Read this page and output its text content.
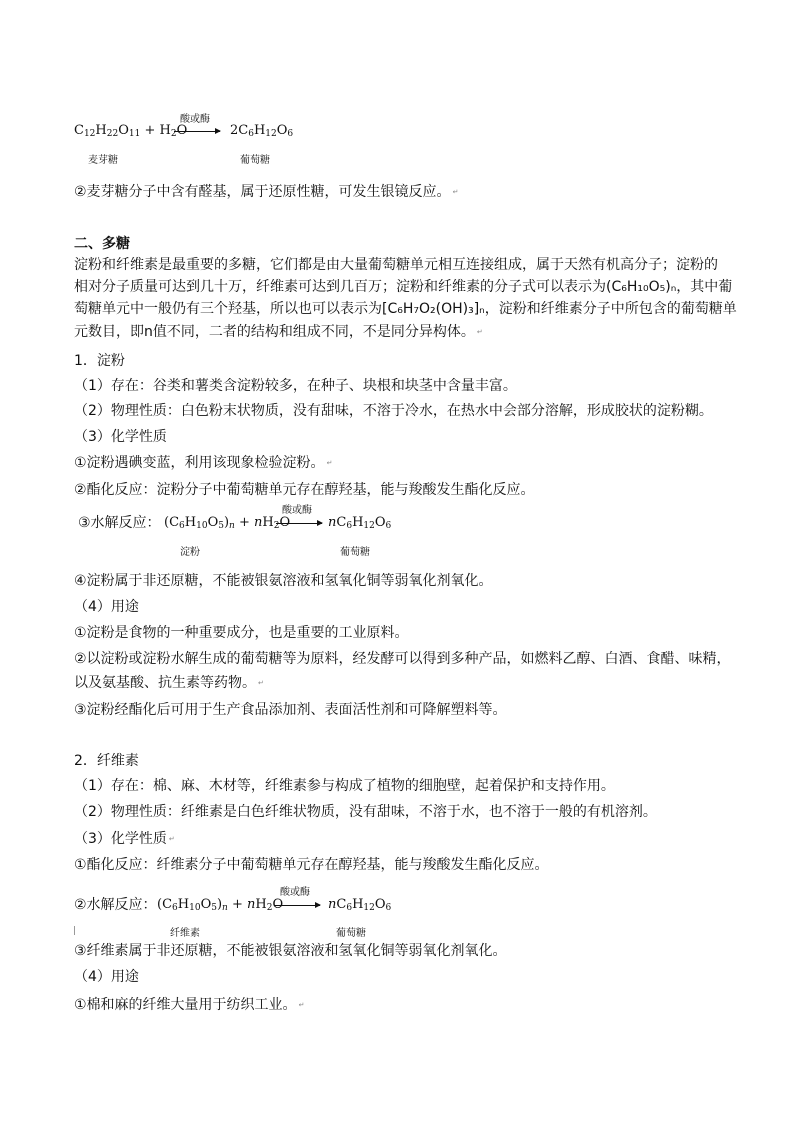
酸或酶
$C_{12}H_{22}O_{11} + H_2O$	$2C_6H_{12}O_6$
麦芽糖	葡萄糖
②麦芽糖分子中含有醛基，属于还原性糖，可发生银镜反应。 ↵
二、多糖
淀粉和纤维素是最重要的多糖，它们都是由大量葡萄糖单元相互连接组成，属于天然有机高分子；淀粉的
相对分子质量可达到几十万，纤维素可达到几百万；淀粉和纤维素的分子式可以表示为(C₆H₁₀O₅)ₙ，其中葡
萄糖单元中一般仍有三个羟基，所以也可以表示为[C₆H₇O₂(OH)₃]ₙ，淀粉和纤维素分子中所包含的葡萄糖单
元数目，即n值不同，二者的结构和组成不同，不是同分异构体。 ↵
1．淀粉
（1）存在：谷类和薯类含淀粉较多，在种子、块根和块茎中含量丰富。
（2）物理性质：白色粉末状物质，没有甜味，不溶于冷水，在热水中会部分溶解，形成胶状的淀粉糊。
（3）化学性质
①淀粉遇碘变蓝，利用该现象检验淀粉。 ↵
②酯化反应：淀粉分子中葡萄糖单元存在醇羟基，能与羧酸发生酯化反应。
③水解反应： $(C_6H_{10}O_5)_n + nH_2O$
酸或酶
$nC_6H_{12}O_6$
淀粉	葡萄糖
④淀粉属于非还原糖，不能被银氨溶液和氢氧化铜等弱氧化剂氧化。
（4）用途
①淀粉是食物的一种重要成分，也是重要的工业原料。
②以淀粉或淀粉水解生成的葡萄糖等为原料，经发酵可以得到多种产品，如燃料乙醇、白酒、食醋、味精，
以及氨基酸、抗生素等药物。 ↵
③淀粉经酯化后可用于生产食品添加剂、表面活性剂和可降解塑料等。
2．纤维素
（1）存在：棉、麻、木材等，纤维素参与构成了植物的细胞壁，起着保护和支持作用。
（2）物理性质：纤维素是白色纤维状物质，没有甜味，不溶于水，也不溶于一般的有机溶剂。
（3）化学性质 ↵
①酯化反应：纤维素分子中葡萄糖单元存在醇羟基，能与羧酸发生酯化反应。
②水解反应： $(C_6H_{10}O_5)_n + nH_2O$
酸或酶
$nC_6H_{12}O_6$
纤维素	葡萄糖
③纤维素属于非还原糖，不能被银氨溶液和氢氧化铜等弱氧化剂氧化。
（4）用途
①棉和麻的纤维大量用于纺织工业。 ↵
